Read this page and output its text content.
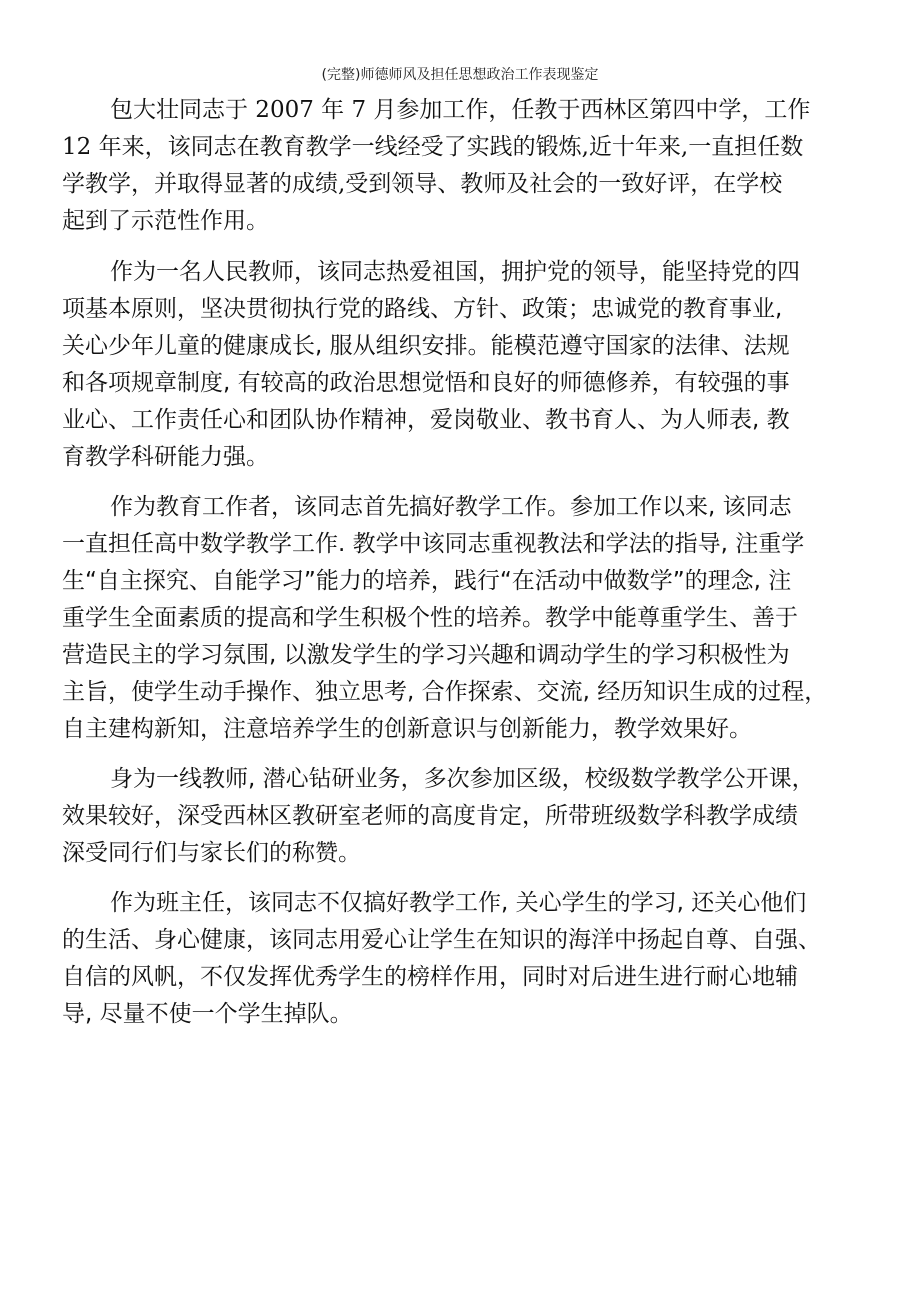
(完整)师德师风及担任思想政治工作表现鉴定

包大壮同志于 2007 年 7 月参加工作，任教于西林区第四中学，工作
12 年来，该同志在教育教学一线经受了实践的锻炼,近十年来,一直担任数
学教学，并取得显著的成绩,受到领导、教师及社会的一致好评，在学校
起到了示范性作用。

作为一名人民教师，该同志热爱祖国，拥护党的领导，能坚持党的四
项基本原则，坚决贯彻执行党的路线、方针、政策；忠诚党的教育事业,
关心少年儿童的健康成长, 服从组织安排。能模范遵守国家的法律、法规
和各项规章制度, 有较高的政治思想觉悟和良好的师德修养，有较强的事
业心、工作责任心和团队协作精神，爱岗敬业、教书育人、为人师表, 教
育教学科研能力强。

作为教育工作者，该同志首先搞好教学工作。参加工作以来, 该同志
一直担任高中数学教学工作. 教学中该同志重视教法和学法的指导, 注重学
生“自主探究、自能学习”能力的培养，践行“在活动中做数学”的理念, 注
重学生全面素质的提高和学生积极个性的培养。教学中能尊重学生、善于
营造民主的学习氛围, 以激发学生的学习兴趣和调动学生的学习积极性为
主旨，使学生动手操作、独立思考, 合作探索、交流, 经历知识生成的过程，
自主建构新知，注意培养学生的创新意识与创新能力，教学效果好。

身为一线教师, 潜心钻研业务，多次参加区级，校级数学教学公开课，
效果较好，深受西林区教研室老师的高度肯定，所带班级数学科教学成绩
深受同行们与家长们的称赞。

作为班主任，该同志不仅搞好教学工作, 关心学生的学习, 还关心他们
的生活、身心健康，该同志用爱心让学生在知识的海洋中扬起自尊、自强、
自信的风帆，不仅发挥优秀学生的榜样作用，同时对后进生进行耐心地辅
导, 尽量不使一个学生掉队。
